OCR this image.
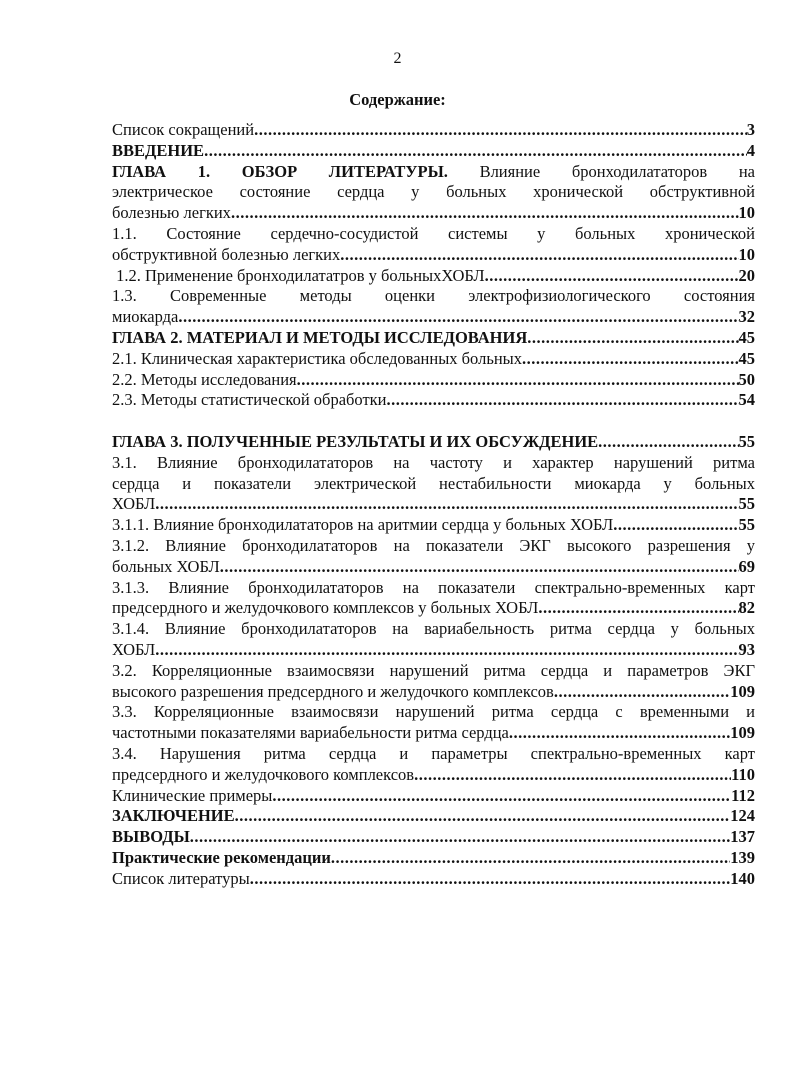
2
Содержание:
Список сокращений .....	3
ВВЕДЕНИЕ .....	4
ГЛАВА 1. ОБЗОР ЛИТЕРАТУРЫ. Влияние бронходилататоров на
электрическое состояние сердца у больных хронической обструктивной
болезнью легких .....	10
1.1. Состояние сердечно-сосудистой системы у больных хронической
обструктивной болезнью легких .....	10
1.2. Применение бронходилататров у больныхХОБЛ .....	20
1.3. Современные методы оценки электрофизиологического состояния
миокарда .....	32
ГЛАВА 2. МАТЕРИАЛ И МЕТОДЫ ИССЛЕДОВАНИЯ .....	45
2.1. Клиническая характеристика обследованных больных .....	45
2.2. Методы исследования .....	50
2.3. Методы статистической обработки .....	54
ГЛАВА 3. ПОЛУЧЕННЫЕ РЕЗУЛЬТАТЫ И ИХ ОБСУЖДЕНИЕ .....	55
3.1. Влияние бронходилататоров на частоту и характер нарушений ритма
сердца и показатели электрической нестабильности миокарда у больных
ХОБЛ .....	55
3.1.1. Влияние бронходилататоров на аритмии сердца у больных ХОБЛ .....	55
3.1.2. Влияние бронходилататоров на показатели ЭКГ высокого разрешения у
больных ХОБЛ .....	69
3.1.3. Влияние бронходилататоров на показатели спектрально-временных карт
предсердного и желудочкового комплексов у больных ХОБЛ .....	82
3.1.4. Влияние бронходилататоров на вариабельность ритма сердца у больных
ХОБЛ .....	93
3.2. Корреляционные взаимосвязи нарушений ритма сердца и параметров ЭКГ
высокого разрешения предсердного и желудочкого комплексов .....	109
3.3. Корреляционные взаимосвязи нарушений ритма сердца с временными и
частотными показателями вариабельности ритма сердца .....	109
3.4. Нарушения ритма сердца и параметры спектрально-временных карт
предсердного и желудочкового комплексов .....	110
Клинические примеры .....	112
ЗАКЛЮЧЕНИЕ .....	124
ВЫВОДЫ .....	137
Практические рекомендации .....	139
Список литературы .....	140
